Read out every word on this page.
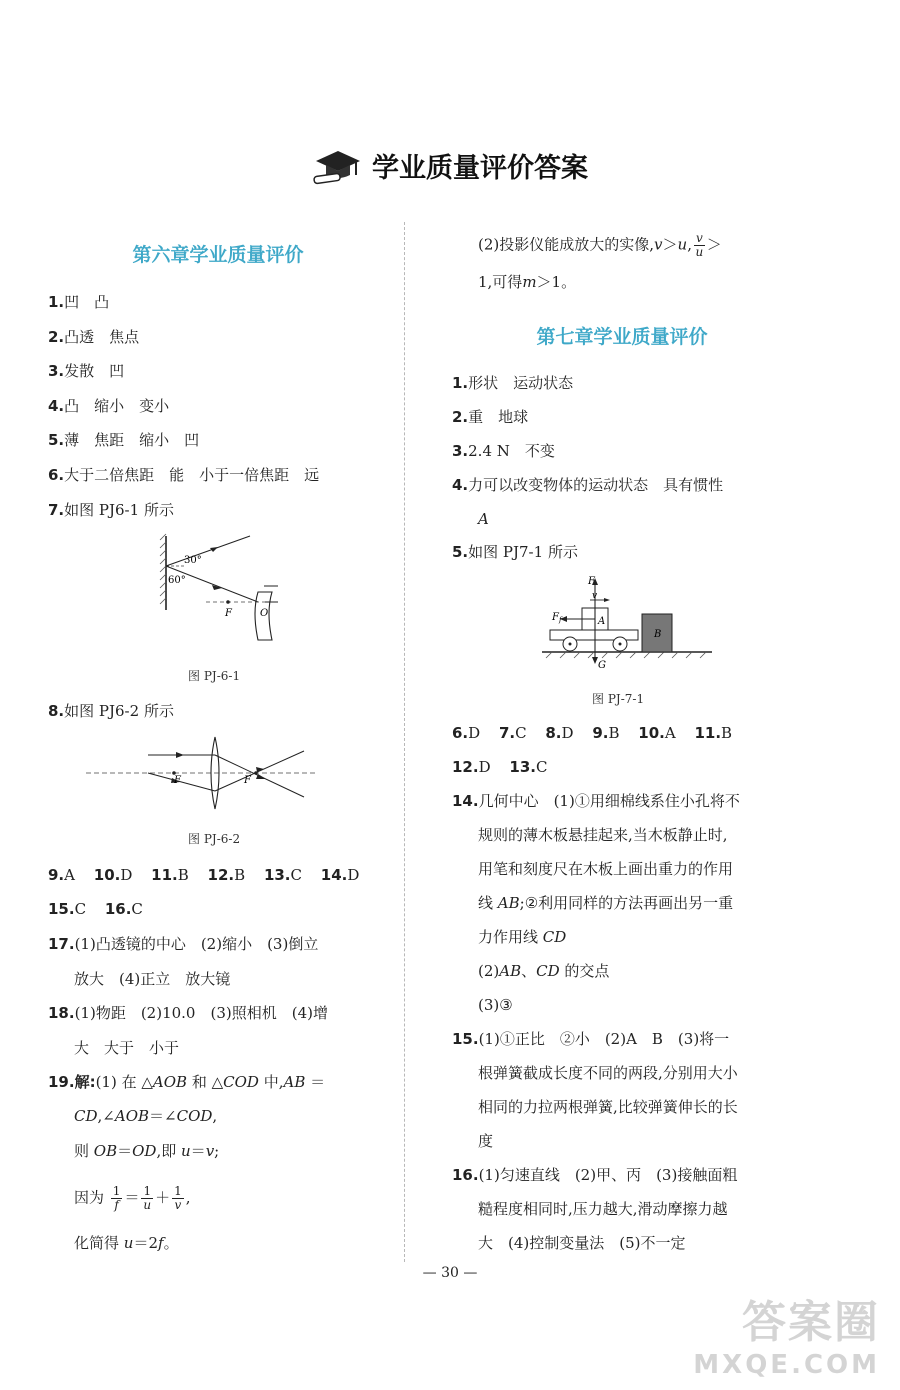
学业质量评价答案
第六章学业质量评价
1.凹　凸
2.凸透　焦点
3.发散　凹
4.凸　缩小　变小
5.薄　焦距　缩小　凹
6.大于二倍焦距　能　小于一倍焦距　远
7.如图 PJ6-1 所示
30°
60°
F	O
图 PJ-6-1
8.如图 PJ6-2 所示
F	F
图 PJ-6-2
9.A 10.D 11.B 12.B 13.C 14.D
15.C 16.C
17.(1)凸透镜的中心　(2)缩小　(3)倒立
放大　(4)正立　放大镜
18.(1)物距　(2)10.0　(3)照相机　(4)增
大　大于　小于
19.解:(1) 在 △AOB 和 △COD 中,AB ＝
CD,∠AOB＝∠COD,
则 OB＝OD,即 u＝v;
因为 $\frac{1}{f} = \frac{1}{u} + \frac{1}{v}$ ,
化简得 u＝2f。
(2)投影仪能成放大的实像,v＞u, $\frac{v}{u}$ ＞
1,可得m＞1。
第七章学业质量评价
1.形状　运动状态
2.重　地球
3.2.4 N　不变
4.力可以改变物体的运动状态　具有惯性
A
5.如图 PJ7-1 所示
F
v
$F_f$	A
B
G
图 PJ-7-1
6.D 7.C 8.D 9.B 10.A 11.B
12.D 13.C
14.几何中心　(1)①用细棉线系住小孔将不
规则的薄木板悬挂起来,当木板静止时,
用笔和刻度尺在木板上画出重力的作用
线 AB;②利用同样的方法再画出另一重
力作用线 CD
(2)AB、CD 的交点
(3)③
15.(1)①正比　②小　(2)A　B　(3)将一
根弹簧截成长度不同的两段,分别用大小
相同的力拉两根弹簧,比较弹簧伸长的长
度
16.(1)匀速直线　(2)甲、丙　(3)接触面粗
糙程度相同时,压力越大,滑动摩擦力越
大　(4)控制变量法　(5)不一定
— 30 —
答案圈
MXQE.COM
